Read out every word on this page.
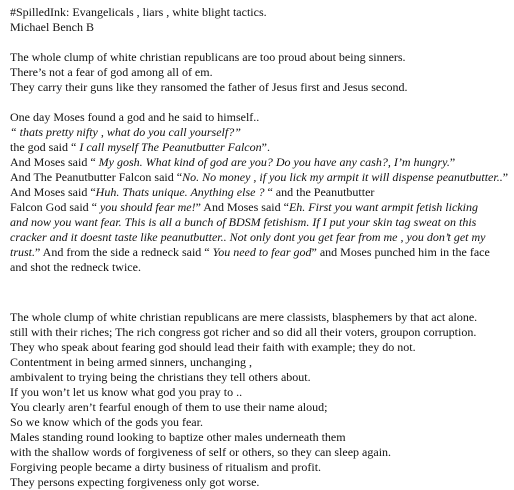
#SpilledInk: Evangelicals , liars , white blight tactics.
Michael Bench B
The whole clump of white christian republicans are too proud about being sinners.
There’s not a fear of god among all of em.
They carry their guns like they ransomed the father of Jesus first and Jesus second.
One day Moses found a god and he said to himself..
“ thats pretty nifty , what do you call yourself?”
the god said “ I call myself The Peanutbutter Falcon”.
And Moses said “ My gosh. What kind of god are you? Do you have any cash?, I’m hungry.”
And The Peanutbutter Falcon said “No. No money , if you lick my armpit it will dispense peanutbutter..”
And Moses said “Huh. Thats unique. Anything else ? “ and the Peanutbutter
Falcon God said “ you should fear me!” And Moses said “Eh. First you want armpit fetish licking
and now you want fear. This is all a bunch of BDSM fetishism. If I put your skin tag sweat on this
cracker and it doesnt taste like peanutbutter.. Not only dont you get fear from me , you don’t get my
trust.” And from the side a redneck said “ You need to fear god” and Moses punched him in the face
and shot the redneck twice.
The whole clump of white christian republicans are mere classists, blasphemers by that act alone.
still with their riches; The rich congress got richer and so did all their voters, groupon corruption.
They who speak about fearing god should lead their faith with example; they do not.
Contentment in being armed sinners, unchanging ,
ambivalent to trying being the christians they tell others about.
If you won’t let us know what god you pray to ..
You clearly aren’t fearful enough of them to use their name aloud;
So we know which of the gods you fear.
Males standing round looking to baptize other males underneath them
with the shallow words of forgiveness of self or others, so they can sleep again.
Forgiving people became a dirty business of ritualism and profit.
They persons expecting forgiveness only got worse.
